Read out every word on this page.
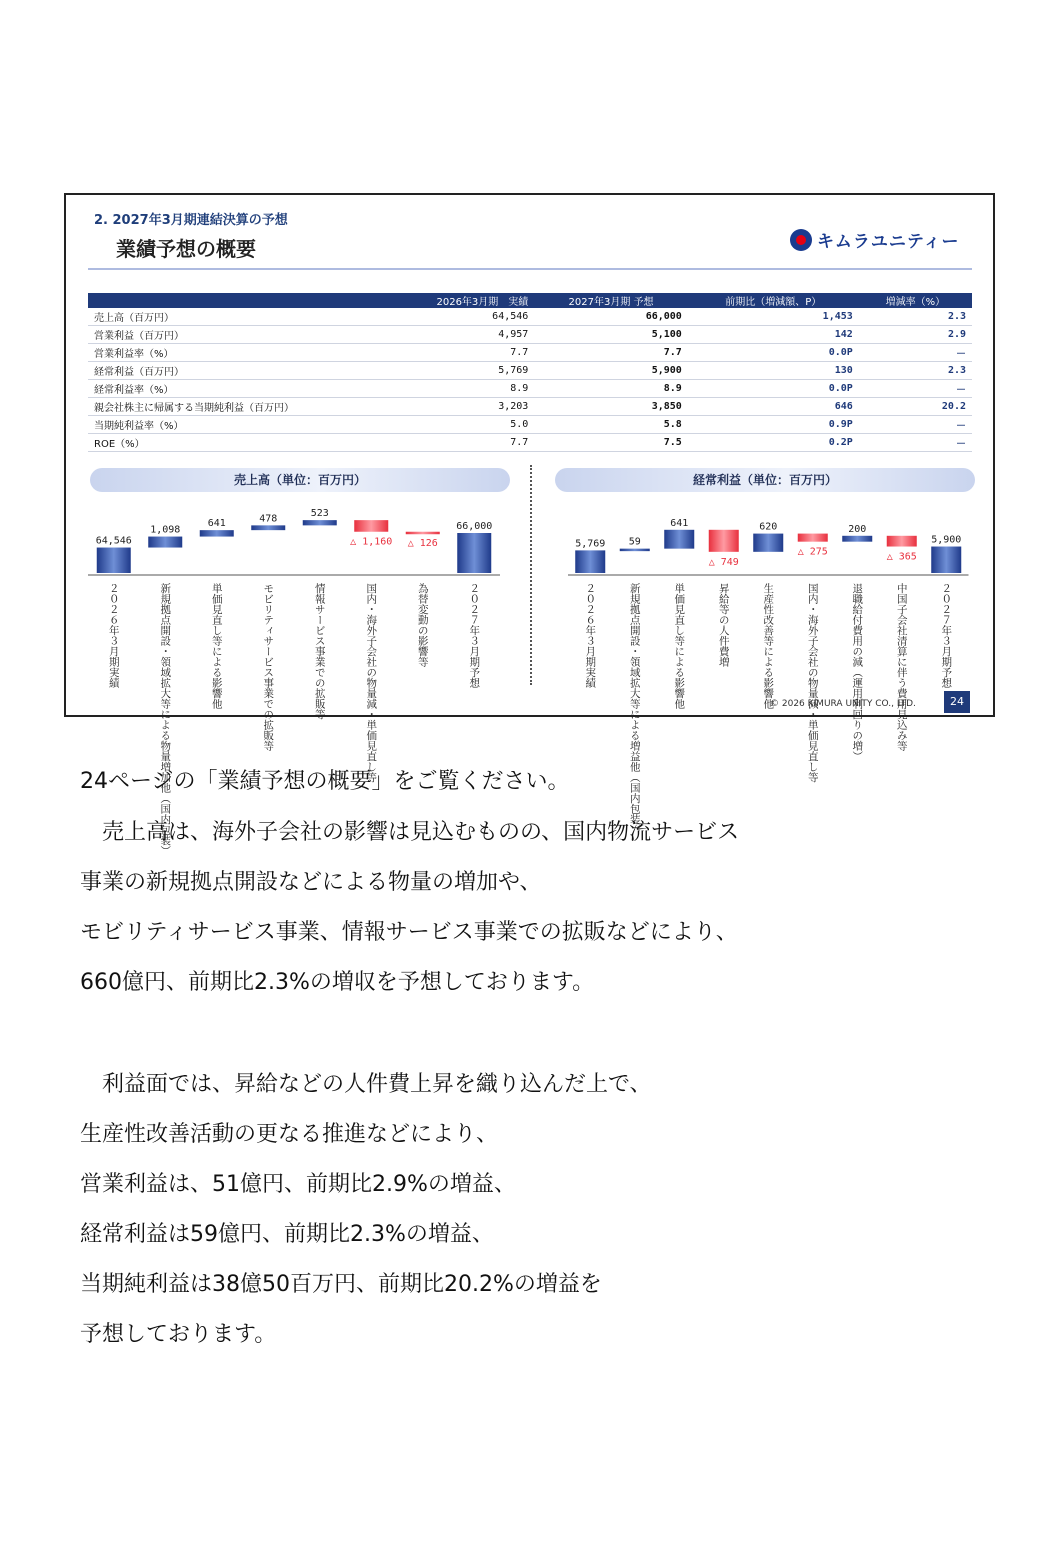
2. 2027年3月期連結決算の予想
業績予想の概要	キムラユニティー
	2026年3月期　実績	2027年3月期 予想	前期比（増減額、P）	増減率（%）
売上高（百万円）	64,546	66,000	1,453	2.3
営業利益（百万円）	4,957	5,100	142	2.9
営業利益率（%）	7.7	7.7	0.0P	－
経常利益（百万円）	5,769	5,900	130	2.3
経常利益率（%）	8.9	8.9	0.0P	－
親会社株主に帰属する当期純利益（百万円）	3,203	3,850	646	20.2
当期純利益率（%）	5.0	5.8	0.9P	－
ROE（%）	7.7	7.5	0.2P	－
売上高（単位：百万円）	経常利益（単位：百万円）
64,546
２０２６年３月期実績
1,098
新規拠点開設・領域拡大等による物量増加他（国内包装）
641
単価見直し等による影響他
478
モビリティサービス事業での拡販等
523
情報サービス事業での拡販等
△ 1,160
国内・海外子会社の物量減・単価見直し等
△ 126
為替変動の影響等
66,000
２０２７年３月期予想
5,769
２０２６年３月期実績
59
新規拠点開設・領域拡大等による増益他（国内包装）
641
単価見直し等による影響他
△ 749
昇給等の人件費増
620
生産性改善等による影響他
△ 275
国内・海外子会社の物量減・単価見直し等
200
退職給付費用の減（運用利回りの増）
△ 365
中国子会社清算に伴う費用見込み等
5,900
２０２７年３月期予想
© 2026 KIMURA UNITY CO., LTD.	24
24ページの「業績予想の概要」をご覧ください。
　売上高は、海外子会社の影響は見込むものの、国内物流サービス
事業の新規拠点開設などによる物量の増加や、
モビリティサービス事業、情報サービス事業での拡販などにより、
660億円、前期比2.3%の増収を予想しております。
　利益面では、昇給などの人件費上昇を織り込んだ上で、
生産性改善活動の更なる推進などにより、
営業利益は、51億円、前期比2.9%の増益、
経常利益は59億円、前期比2.3%の増益、
当期純利益は38億50百万円、前期比20.2%の増益を
予想しております。
